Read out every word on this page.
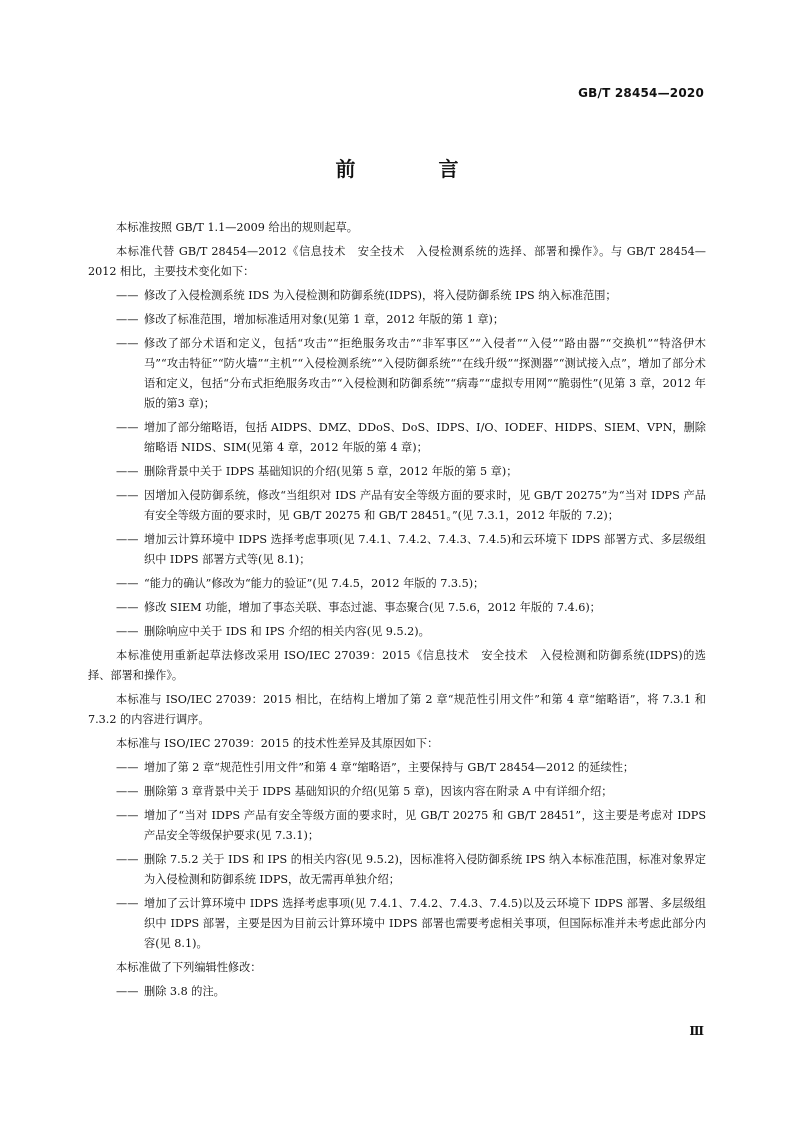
GB/T 28454—2020
前 言

本标准按照 GB/T 1.1—2009 给出的规则起草。

本标准代替 GB/T 28454—2012《信息技术　安全技术　入侵检测系统的选择、部署和操作》。与 GB/T 28454—2012 相比，主要技术变化如下：

—— 修改了入侵检测系统 IDS 为入侵检测和防御系统(IDPS)，将入侵防御系统 IPS 纳入标准范围；
—— 修改了标准范围，增加标准适用对象(见第 1 章，2012 年版的第 1 章)；
—— 修改了部分术语和定义，包括“攻击”“拒绝服务攻击”“非军事区”“入侵者”“入侵”“路由器”“交换机”“特洛伊木马”“攻击特征”“防火墙”“主机”“入侵检测系统”“入侵防御系统”“在线升级”“探测器”“测试接入点”，增加了部分术语和定义，包括“分布式拒绝服务攻击”“入侵检测和防御系统”“病毒”“虚拟专用网”“脆弱性”(见第 3 章，2012 年版的第3 章)；
—— 增加了部分缩略语，包括 AIDPS、DMZ、DDoS、DoS、IDPS、I/O、IODEF、HIDPS、SIEM、VPN，删除缩略语 NIDS、SIM(见第 4 章，2012 年版的第 4 章)；
—— 删除背景中关于 IDPS 基础知识的介绍(见第 5 章，2012 年版的第 5 章)；
—— 因增加入侵防御系统，修改“当组织对 IDS 产品有安全等级方面的要求时，见 GB/T 20275”为“当对 IDPS 产品有安全等级方面的要求时，见 GB/T 20275 和 GB/T 28451。”(见 7.3.1，2012 年版的 7.2)；
—— 增加云计算环境中 IDPS 选择考虑事项(见 7.4.1、7.4.2、7.4.3、7.4.5)和云环境下 IDPS 部署方式、多层级组织中 IDPS 部署方式等(见 8.1)；
—— “能力的确认”修改为“能力的验证”(见 7.4.5，2012 年版的 7.3.5)；
—— 修改 SIEM 功能，增加了事态关联、事态过滤、事态聚合(见 7.5.6，2012 年版的 7.4.6)；
—— 删除响应中关于 IDS 和 IPS 介绍的相关内容(见 9.5.2)。

本标准使用重新起草法修改采用 ISO/IEC 27039：2015《信息技术　安全技术　入侵检测和防御系统(IDPS)的选择、部署和操作》。

本标准与 ISO/IEC 27039：2015 相比，在结构上增加了第 2 章“规范性引用文件”和第 4 章“缩略语”，将 7.3.1 和 7.3.2 的内容进行调序。

本标准与 ISO/IEC 27039：2015 的技术性差异及其原因如下：

—— 增加了第 2 章“规范性引用文件”和第 4 章“缩略语”，主要保持与 GB/T 28454—2012 的延续性；
—— 删除第 3 章背景中关于 IDPS 基础知识的介绍(见第 5 章)，因该内容在附录 A 中有详细介绍；
—— 增加了“当对 IDPS 产品有安全等级方面的要求时，见 GB/T 20275 和 GB/T 28451”，这主要是考虑对 IDPS 产品安全等级保护要求(见 7.3.1)；
—— 删除 7.5.2 关于 IDS 和 IPS 的相关内容(见 9.5.2)，因标准将入侵防御系统 IPS 纳入本标准范围，标准对象界定为入侵检测和防御系统 IDPS，故无需再单独介绍；
—— 增加了云计算环境中 IDPS 选择考虑事项(见 7.4.1、7.4.2、7.4.3、7.4.5)以及云环境下 IDPS 部署、多层级组织中 IDPS 部署，主要是因为目前云计算环境中 IDPS 部署也需要考虑相关事项，但国际标准并未考虑此部分内容(见 8.1)。

本标准做了下列编辑性修改：

—— 删除 3.8 的注。
Ⅲ
